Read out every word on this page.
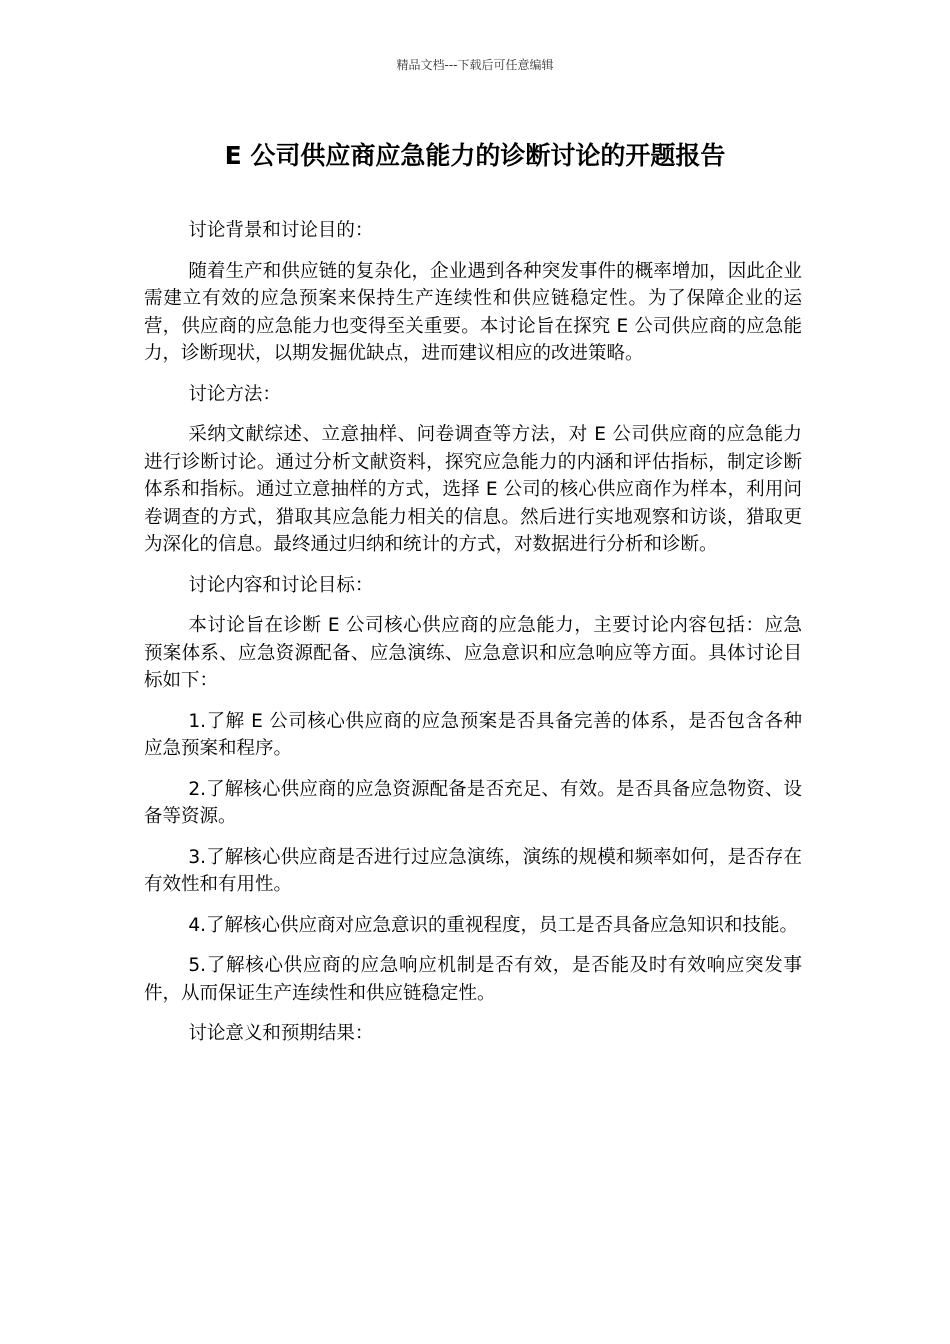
精品文档---下载后可任意编辑
E 公司供应商应急能力的诊断讨论的开题报告

讨论背景和讨论目的：

随着生产和供应链的复杂化，企业遇到各种突发事件的概率增加，因此企业需建立有效的应急预案来保持生产连续性和供应链稳定性。为了保障企业的运营，供应商的应急能力也变得至关重要。本讨论旨在探究 E 公司供应商的应急能力，诊断现状，以期发掘优缺点，进而建议相应的改进策略。

讨论方法：

采纳文献综述、立意抽样、问卷调查等方法，对 E 公司供应商的应急能力进行诊断讨论。通过分析文献资料，探究应急能力的内涵和评估指标，制定诊断体系和指标。通过立意抽样的方式，选择 E 公司的核心供应商作为样本，利用问卷调查的方式，猎取其应急能力相关的信息。然后进行实地观察和访谈，猎取更为深化的信息。最终通过归纳和统计的方式，对数据进行分析和诊断。

讨论内容和讨论目标：

本讨论旨在诊断 E 公司核心供应商的应急能力，主要讨论内容包括：应急预案体系、应急资源配备、应急演练、应急意识和应急响应等方面。具体讨论目标如下：

1.了解 E 公司核心供应商的应急预案是否具备完善的体系，是否包含各种应急预案和程序。

2.了解核心供应商的应急资源配备是否充足、有效。是否具备应急物资、设备等资源。

3.了解核心供应商是否进行过应急演练，演练的规模和频率如何，是否存在有效性和有用性。

4.了解核心供应商对应急意识的重视程度，员工是否具备应急知识和技能。

5.了解核心供应商的应急响应机制是否有效，是否能及时有效响应突发事件，从而保证生产连续性和供应链稳定性。

讨论意义和预期结果：
